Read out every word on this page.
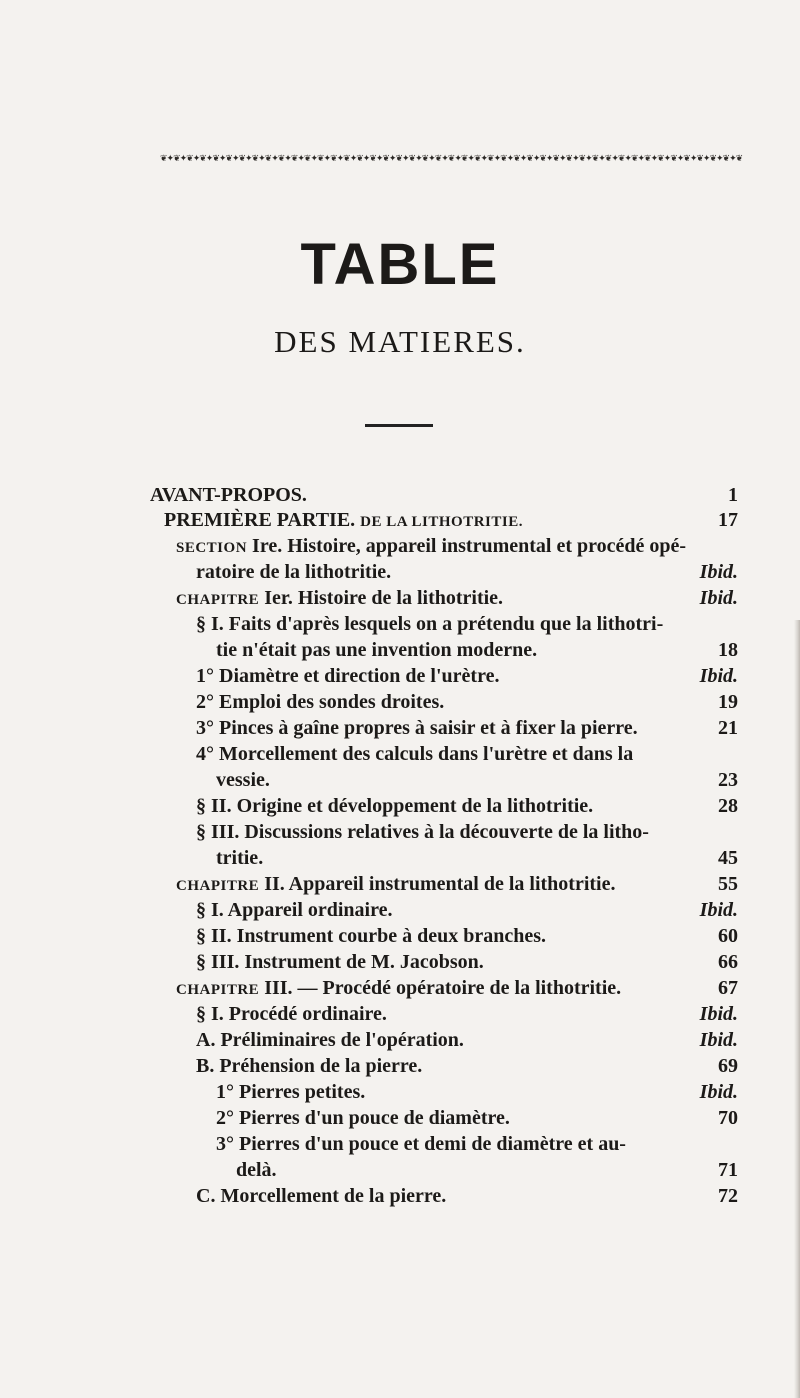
❦✦❦✦❦✦❦✦❦✦❦✦❦✦❦✦❦✦❦✦❦✦❦✦❦✦❦✦❦✦❦✦❦✦❦✦❦✦❦✦❦✦❦✦❦✦❦✦❦✦❦✦❦✦❦✦❦✦❦✦❦✦❦✦❦✦❦✦❦✦❦✦❦✦❦✦❦✦❦✦❦✦❦✦❦✦❦✦❦
TABLE
DES MATIERES.
AVANT-PROPOS.	1
PREMIÈRE PARTIE. DE LA LITHOTRITIE.	17
SECTION Ire. Histoire, appareil instrumental et procédé opé-
ratoire de la lithotritie.	Ibid.
CHAPITRE Ier. Histoire de la lithotritie.	Ibid.
§ I. Faits d'après lesquels on a prétendu que la lithotri-
tie n'était pas une invention moderne.	18
1° Diamètre et direction de l'urètre.	Ibid.
2° Emploi des sondes droites.	19
3° Pinces à gaîne propres à saisir et à fixer la pierre.	21
4° Morcellement des calculs dans l'urètre et dans la
vessie.	23
§ II. Origine et développement de la lithotritie.	28
§ III. Discussions relatives à la découverte de la litho-
tritie.	45
CHAPITRE II. Appareil instrumental de la lithotritie.	55
§ I. Appareil ordinaire.	Ibid.
§ II. Instrument courbe à deux branches.	60
§ III. Instrument de M. Jacobson.	66
CHAPITRE III. — Procédé opératoire de la lithotritie.	67
§ I. Procédé ordinaire.	Ibid.
A. Préliminaires de l'opération.	Ibid.
B. Préhension de la pierre.	69
1° Pierres petites.	Ibid.
2° Pierres d'un pouce de diamètre.	70
3° Pierres d'un pouce et demi de diamètre et au-
delà.	71
C. Morcellement de la pierre.	72
